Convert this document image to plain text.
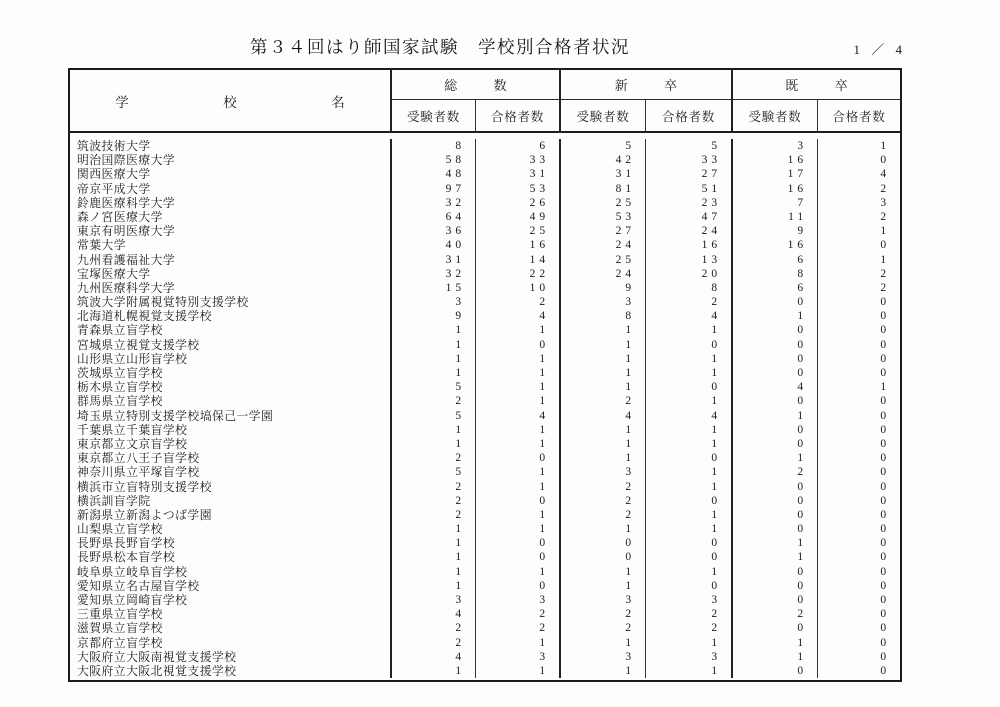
第３４回はり師国家試験　学校別合格者状況	1 ／ 4
学　校　名
総　数	新　卒	既　卒
受験者数	合格者数	受験者数	合格者数	受験者数	合格者数
筑波技術大学	8	6	5	5	3	1
明治国際医療大学	58	33	42	33	16	0
関西医療大学	48	31	31	27	17	4
帝京平成大学	97	53	81	51	16	2
鈴鹿医療科学大学	32	26	25	23	7	3
森ノ宮医療大学	64	49	53	47	11	2
東京有明医療大学	36	25	27	24	9	1
常葉大学	40	16	24	16	16	0
九州看護福祉大学	31	14	25	13	6	1
宝塚医療大学	32	22	24	20	8	2
九州医療科学大学	15	10	9	8	6	2
筑波大学附属視覚特別支援学校	3	2	3	2	0	0
北海道札幌視覚支援学校	9	4	8	4	1	0
青森県立盲学校	1	1	1	1	0	0
宮城県立視覚支援学校	1	0	1	0	0	0
山形県立山形盲学校	1	1	1	1	0	0
茨城県立盲学校	1	1	1	1	0	0
栃木県立盲学校	5	1	1	0	4	1
群馬県立盲学校	2	1	2	1	0	0
埼玉県立特別支援学校塙保己一学園	5	4	4	4	1	0
千葉県立千葉盲学校	1	1	1	1	0	0
東京都立文京盲学校	1	1	1	1	0	0
東京都立八王子盲学校	2	0	1	0	1	0
神奈川県立平塚盲学校	5	1	3	1	2	0
横浜市立盲特別支援学校	2	1	2	1	0	0
横浜訓盲学院	2	0	2	0	0	0
新潟県立新潟よつば学園	2	1	2	1	0	0
山梨県立盲学校	1	1	1	1	0	0
長野県長野盲学校	1	0	0	0	1	0
長野県松本盲学校	1	0	0	0	1	0
岐阜県立岐阜盲学校	1	1	1	1	0	0
愛知県立名古屋盲学校	1	0	1	0	0	0
愛知県立岡崎盲学校	3	3	3	3	0	0
三重県立盲学校	4	2	2	2	2	0
滋賀県立盲学校	2	2	2	2	0	0
京都府立盲学校	2	1	1	1	1	0
大阪府立大阪南視覚支援学校	4	3	3	3	1	0
大阪府立大阪北視覚支援学校	1	1	1	1	0	0
